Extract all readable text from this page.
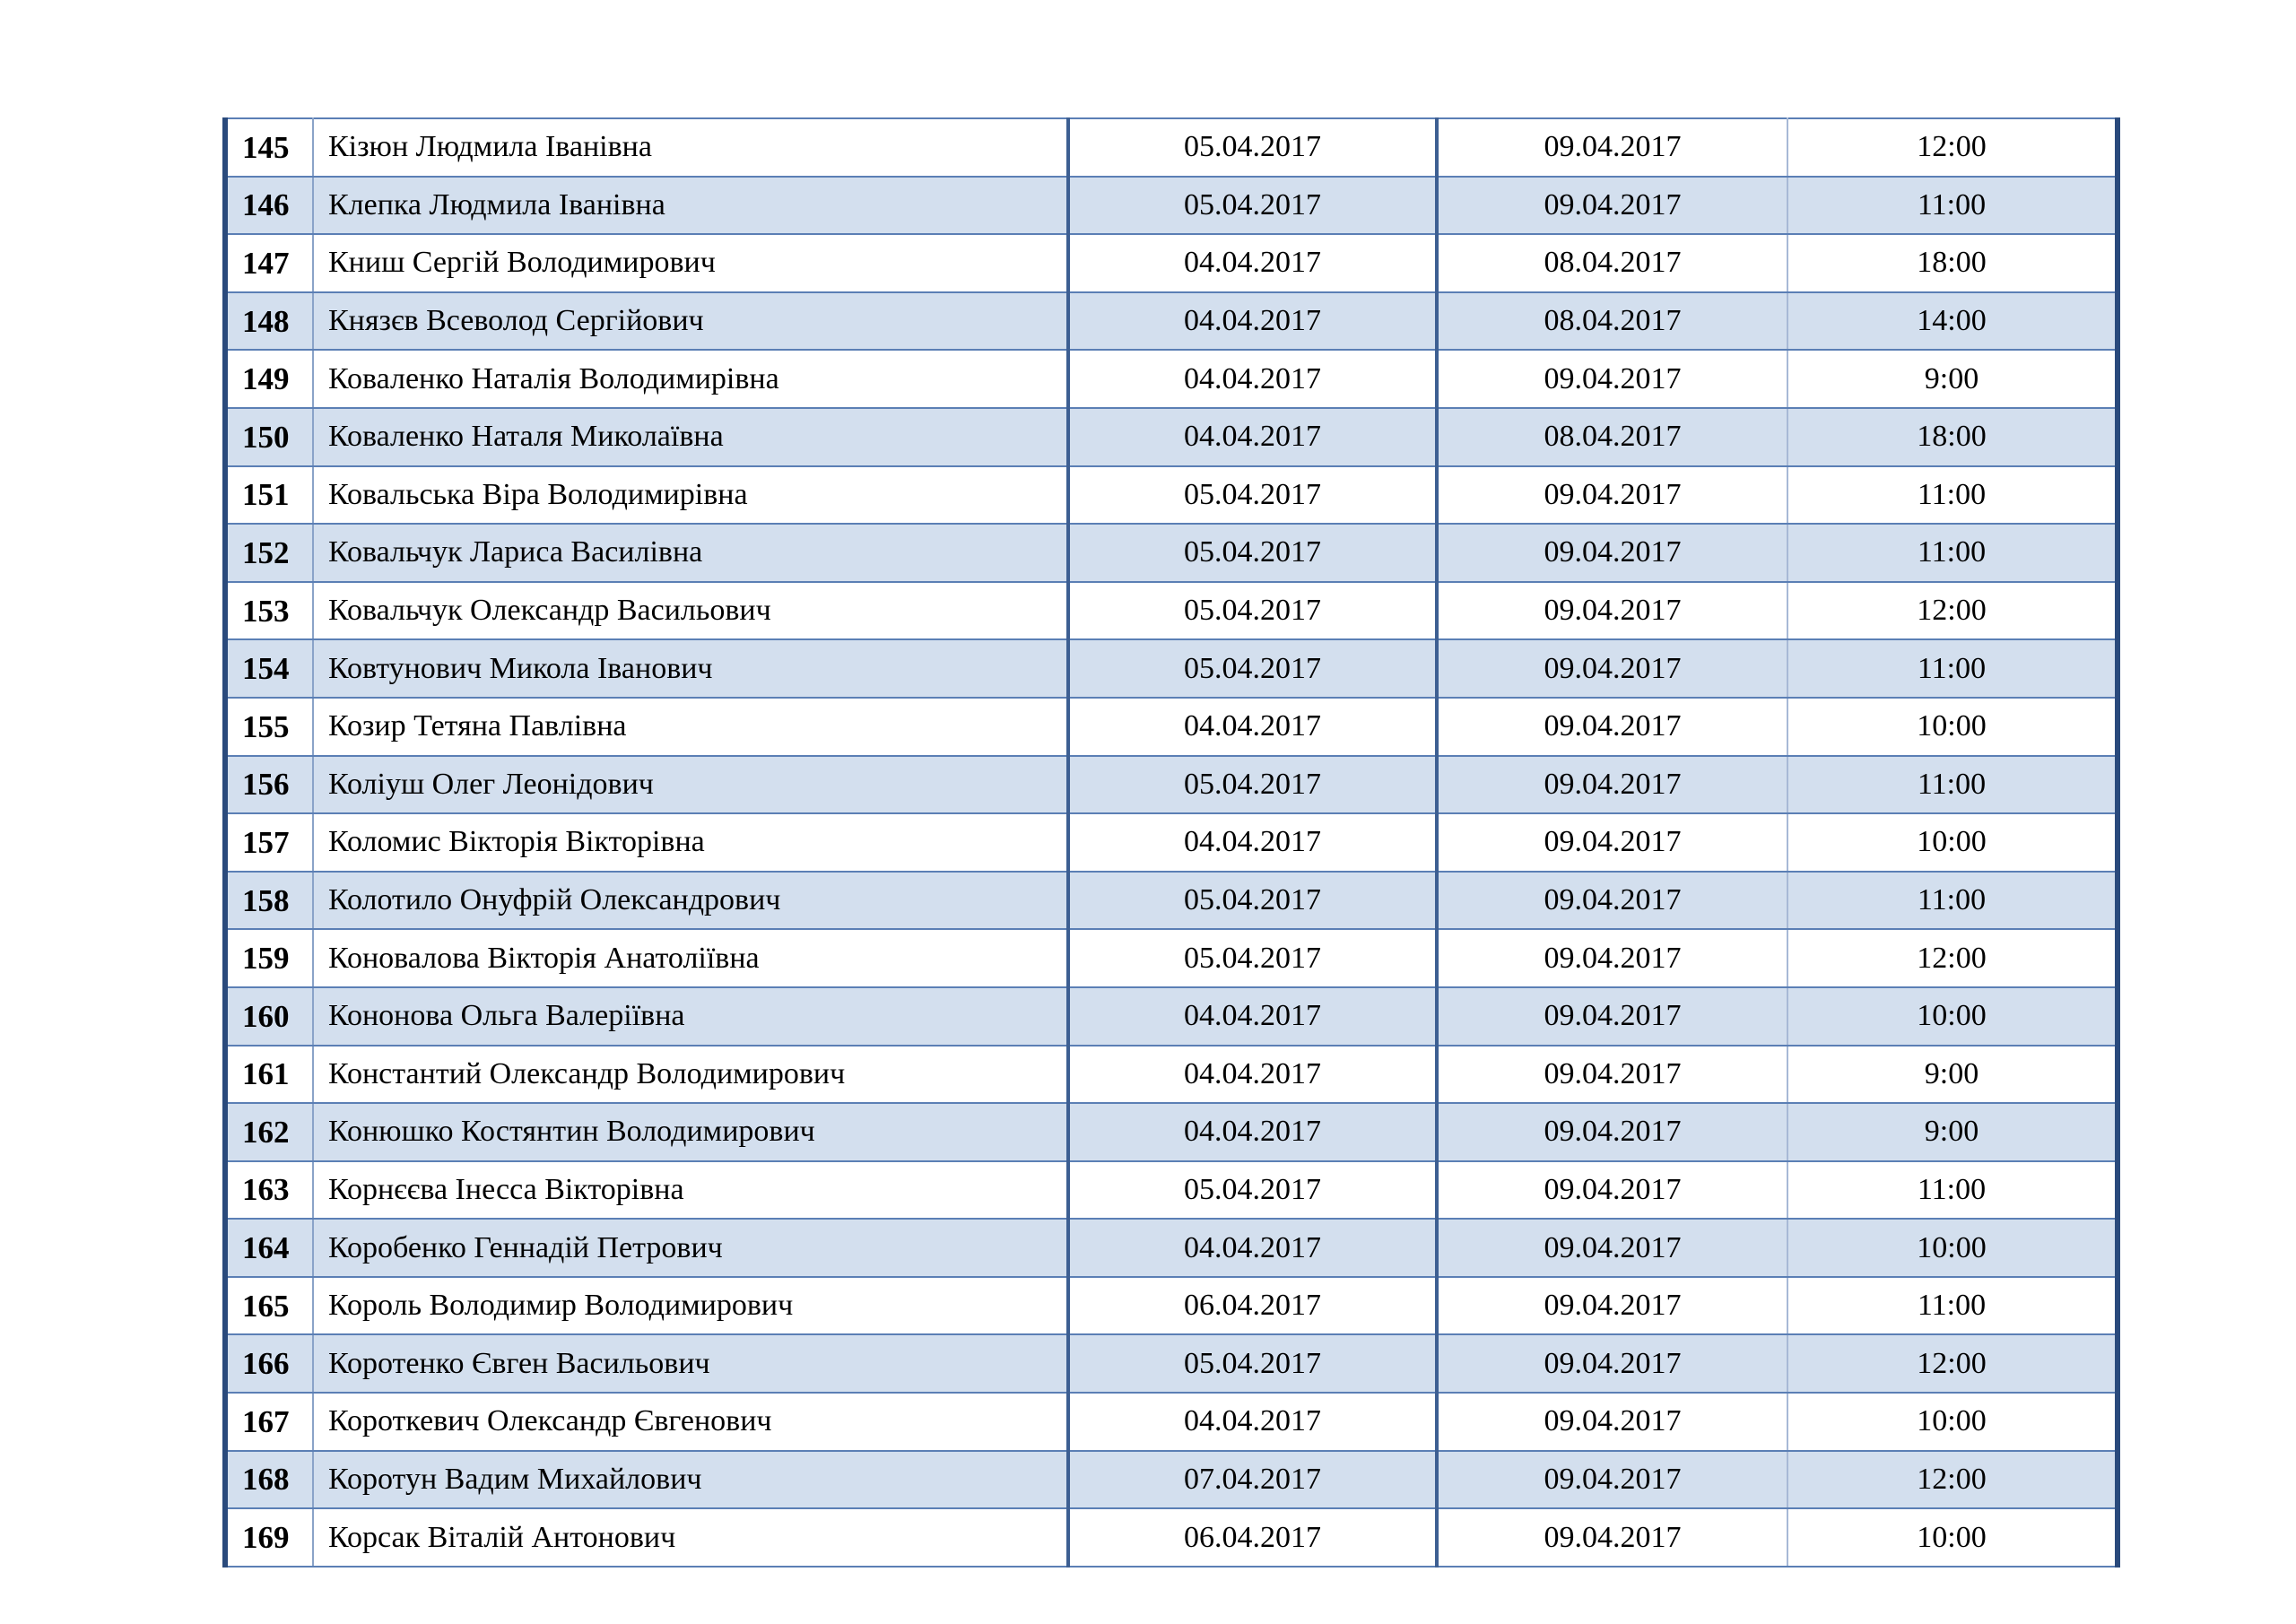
145	Кізюн Людмила Іванівна	05.04.2017	09.04.2017	12:00
146	Клепка Людмила Іванівна	05.04.2017	09.04.2017	11:00
147	Книш Сергій Володимирович	04.04.2017	08.04.2017	18:00
148	Князєв Всеволод Сергійович	04.04.2017	08.04.2017	14:00
149	Коваленко Наталія Володимирівна	04.04.2017	09.04.2017	9:00
150	Коваленко Наталя Миколаївна	04.04.2017	08.04.2017	18:00
151	Ковальська Віра Володимирівна	05.04.2017	09.04.2017	11:00
152	Ковальчук Лариса Василівна	05.04.2017	09.04.2017	11:00
153	Ковальчук Олександр Васильович	05.04.2017	09.04.2017	12:00
154	Ковтунович Микола Іванович	05.04.2017	09.04.2017	11:00
155	Козир Тетяна Павлівна	04.04.2017	09.04.2017	10:00
156	Коліуш Олег Леонідович	05.04.2017	09.04.2017	11:00
157	Коломис Вікторія Вікторівна	04.04.2017	09.04.2017	10:00
158	Колотило Онуфрій Олександрович	05.04.2017	09.04.2017	11:00
159	Коновалова Вікторія Анатоліївна	05.04.2017	09.04.2017	12:00
160	Кононова Ольга Валеріївна	04.04.2017	09.04.2017	10:00
161	Константий Олександр Володимирович	04.04.2017	09.04.2017	9:00
162	Конюшко Костянтин Володимирович	04.04.2017	09.04.2017	9:00
163	Корнєєва Інесса Вікторівна	05.04.2017	09.04.2017	11:00
164	Коробенко Геннадій Петрович	04.04.2017	09.04.2017	10:00
165	Король Володимир Володимирович	06.04.2017	09.04.2017	11:00
166	Коротенко Євген Васильович	05.04.2017	09.04.2017	12:00
167	Короткевич Олександр Євгенович	04.04.2017	09.04.2017	10:00
168	Коротун Вадим Михайлович	07.04.2017	09.04.2017	12:00
169	Корсак Віталій Антонович	06.04.2017	09.04.2017	10:00
